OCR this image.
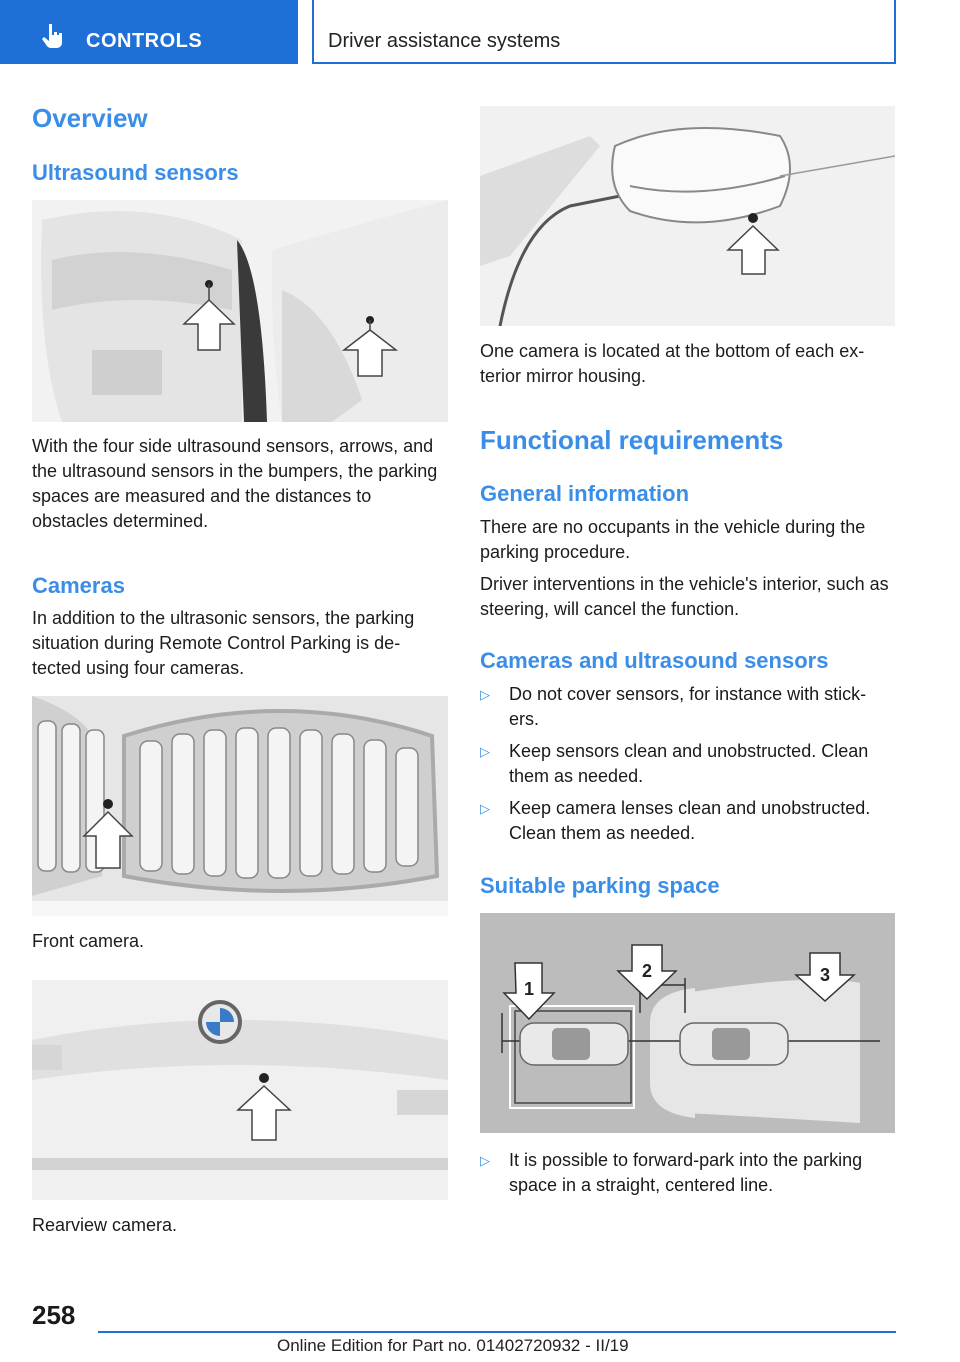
CONTROLS	Driver assistance systems
Overview
Ultrasound sensors
With the four side ultrasound sensors, arrows, and the ultrasound sensors in the bumpers, the parking spaces are measured and the distances to obstacles determined.
Cameras
In addition to the ultrasonic sensors, the parking situation during Remote Control Parking is de-tected using four cameras.
Front camera.
Rearview camera.
One camera is located at the bottom of each ex-terior mirror housing.
Functional requirements
General information
There are no occupants in the vehicle during the parking procedure.
Driver interventions in the vehicle's interior, such as steering, will cancel the function.
Cameras and ultrasound sensors
▷ Do not cover sensors, for instance with stick-ers.
▷ Keep sensors clean and unobstructed. Clean them as needed.
▷ Keep camera lenses clean and unobstructed. Clean them as needed.
Suitable parking space
1
2	3
▷ It is possible to forward-park into the parking space in a straight, centered line.
258
Online Edition for Part no. 01402720932 - II/19
